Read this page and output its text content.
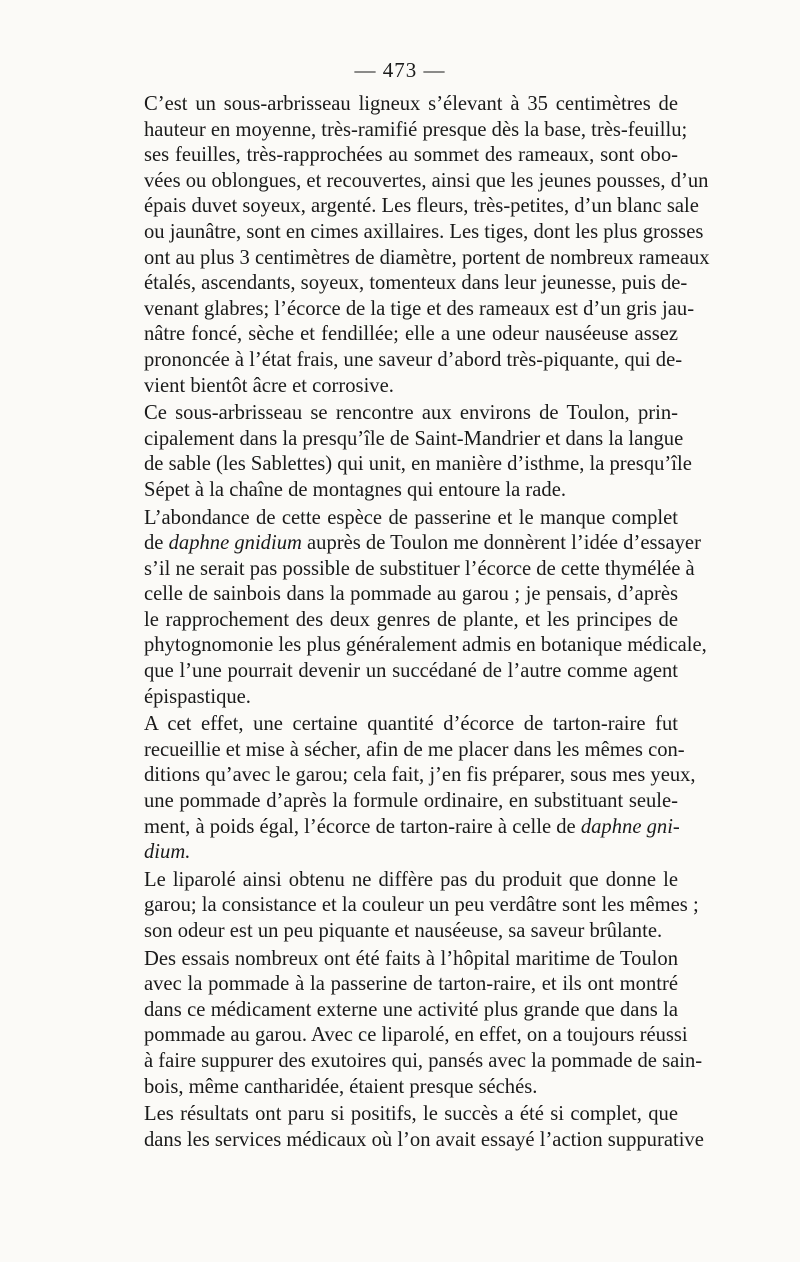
— 473 —

C’est un sous-arbrisseau ligneux s’élevant à 35 centimètres de
hauteur en moyenne, très-ramifié presque dès la base, très-feuillu;
ses feuilles, très-rapprochées au sommet des rameaux, sont obo-
vées ou oblongues, et recouvertes, ainsi que les jeunes pousses, d’un
épais duvet soyeux, argenté. Les fleurs, très-petites, d’un blanc sale
ou jaunâtre, sont en cimes axillaires. Les tiges, dont les plus grosses
ont au plus 3 centimètres de diamètre, portent de nombreux rameaux
étalés, ascendants, soyeux, tomenteux dans leur jeunesse, puis de-
venant glabres; l’écorce de la tige et des rameaux est d’un gris jau-
nâtre foncé, sèche et fendillée; elle a une odeur nauséeuse assez
prononcée à l’état frais, une saveur d’abord très-piquante, qui de-
vient bientôt âcre et corrosive.

Ce sous-arbrisseau se rencontre aux environs de Toulon, prin-
cipalement dans la presqu’île de Saint-Mandrier et dans la langue
de sable (les Sablettes) qui unit, en manière d’isthme, la presqu’île
Sépet à la chaîne de montagnes qui entoure la rade.

L’abondance de cette espèce de passerine et le manque complet
de daphne gnidium auprès de Toulon me donnèrent l’idée d’essayer
s’il ne serait pas possible de substituer l’écorce de cette thymélée à
celle de sainbois dans la pommade au garou ; je pensais, d’après
le rapprochement des deux genres de plante, et les principes de
phytognomonie les plus généralement admis en botanique médicale,
que l’une pourrait devenir un succédané de l’autre comme agent
épispastique.

A cet effet, une certaine quantité d’écorce de tarton-raire fut
recueillie et mise à sécher, afin de me placer dans les mêmes con-
ditions qu’avec le garou; cela fait, j’en fis préparer, sous mes yeux,
une pommade d’après la formule ordinaire, en substituant seule-
ment, à poids égal, l’écorce de tarton-raire à celle de daphne gni-
dium.

Le liparolé ainsi obtenu ne diffère pas du produit que donne le
garou; la consistance et la couleur un peu verdâtre sont les mêmes ;
son odeur est un peu piquante et nauséeuse, sa saveur brûlante.

Des essais nombreux ont été faits à l’hôpital maritime de Toulon
avec la pommade à la passerine de tarton-raire, et ils ont montré
dans ce médicament externe une activité plus grande que dans la
pommade au garou. Avec ce liparolé, en effet, on a toujours réussi
à faire suppurer des exutoires qui, pansés avec la pommade de sain-
bois, même cantharidée, étaient presque séchés.

Les résultats ont paru si positifs, le succès a été si complet, que
dans les services médicaux où l’on avait essayé l’action suppurative
